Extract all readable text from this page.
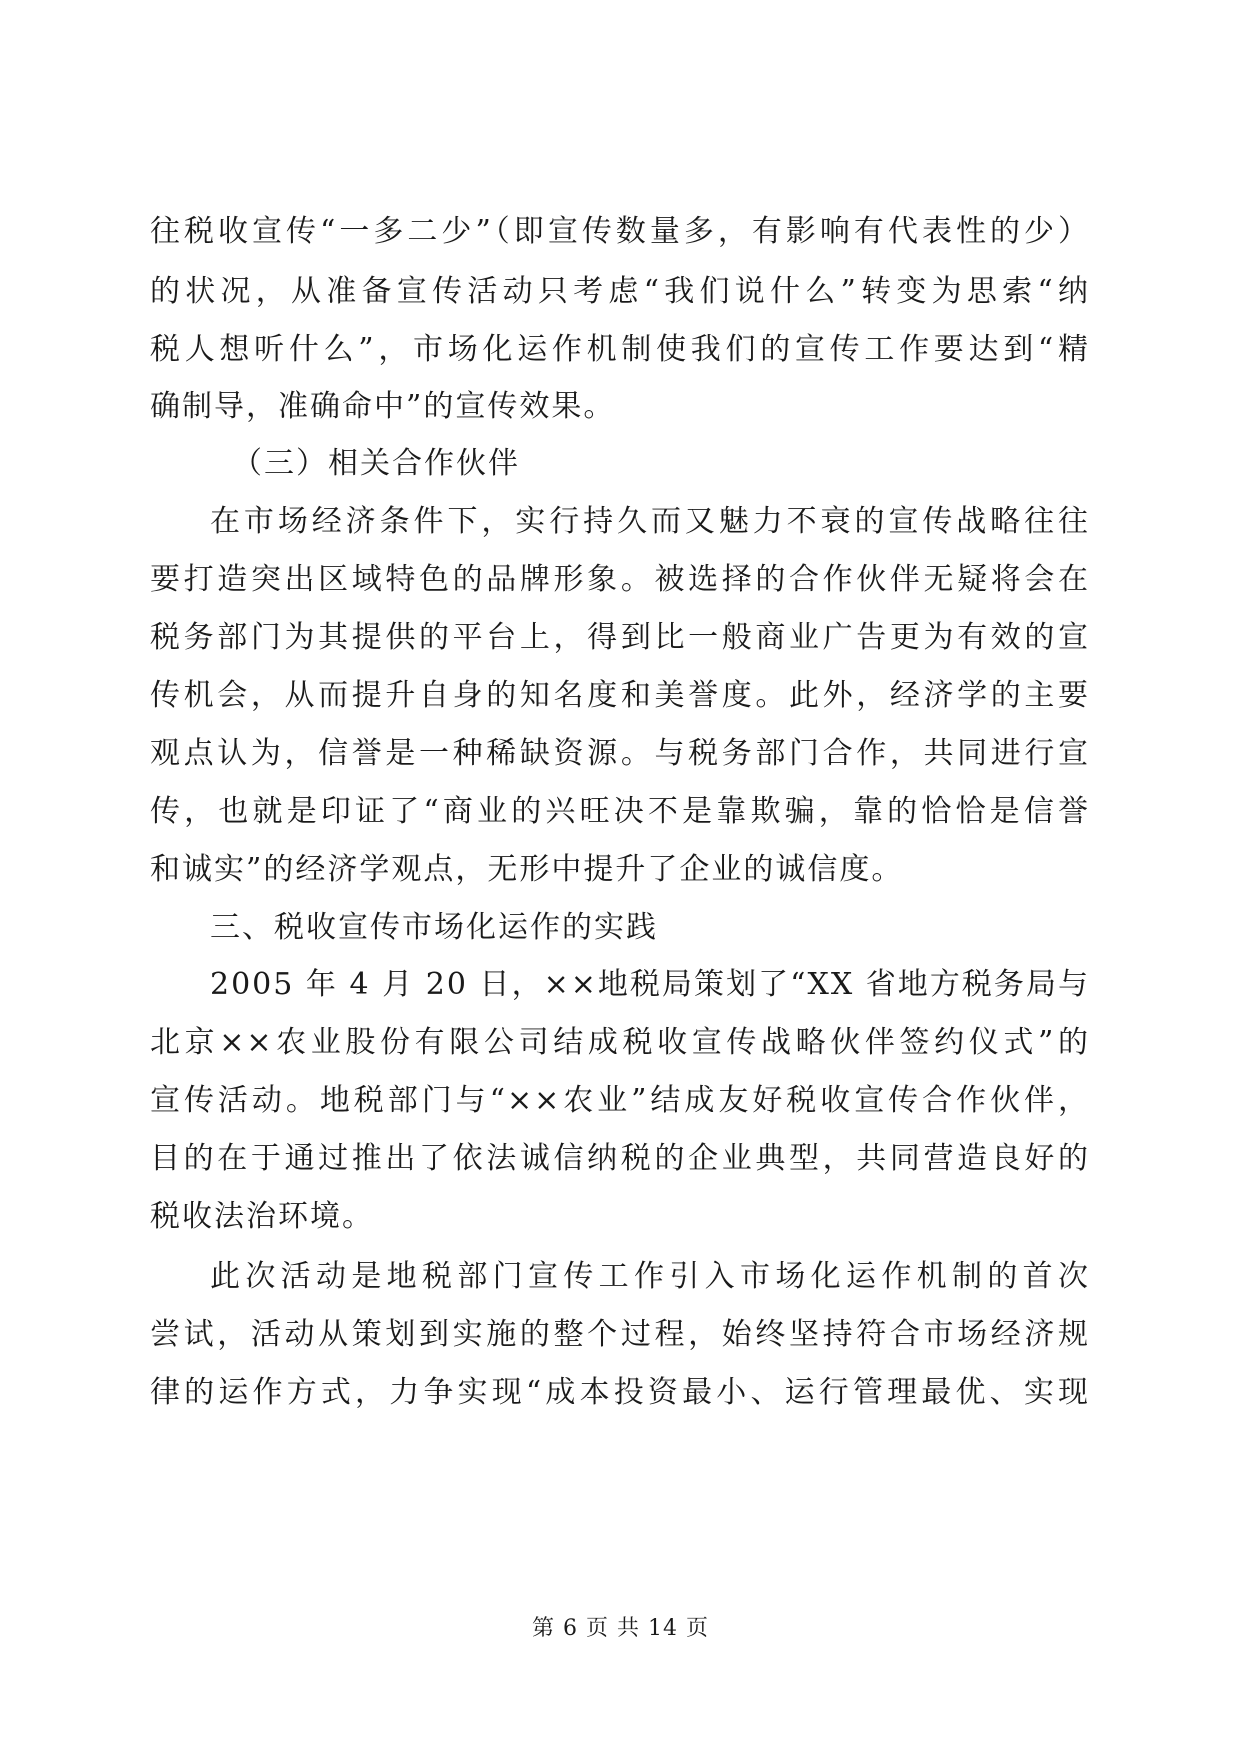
往税收宣传“一多二少”（即宣传数量多，有影响有代表性的少）
的状况，从准备宣传活动只考虑“我们说什么”转变为思索“纳
税人想听什么”，市场化运作机制使我们的宣传工作要达到“精
确制导，准确命中”的宣传效果。
（三）相关合作伙伴
在市场经济条件下，实行持久而又魅力不衰的宣传战略往往
要打造突出区域特色的品牌形象。被选择的合作伙伴无疑将会在
税务部门为其提供的平台上，得到比一般商业广告更为有效的宣
传机会，从而提升自身的知名度和美誉度。此外，经济学的主要
观点认为，信誉是一种稀缺资源。与税务部门合作，共同进行宣
传，也就是印证了“商业的兴旺决不是靠欺骗，靠的恰恰是信誉
和诚实”的经济学观点，无形中提升了企业的诚信度。
三、税收宣传市场化运作的实践
2005 年 4 月 20 日，××地税局策划了“XX 省地方税务局与
北京××农业股份有限公司结成税收宣传战略伙伴签约仪式”的
宣传活动。地税部门与“××农业”结成友好税收宣传合作伙伴，
目的在于通过推出了依法诚信纳税的企业典型，共同营造良好的
税收法治环境。
此次活动是地税部门宣传工作引入市场化运作机制的首次
尝试，活动从策划到实施的整个过程，始终坚持符合市场经济规
律的运作方式，力争实现“成本投资最小、运行管理最优、实现
第 6 页 共 14 页
